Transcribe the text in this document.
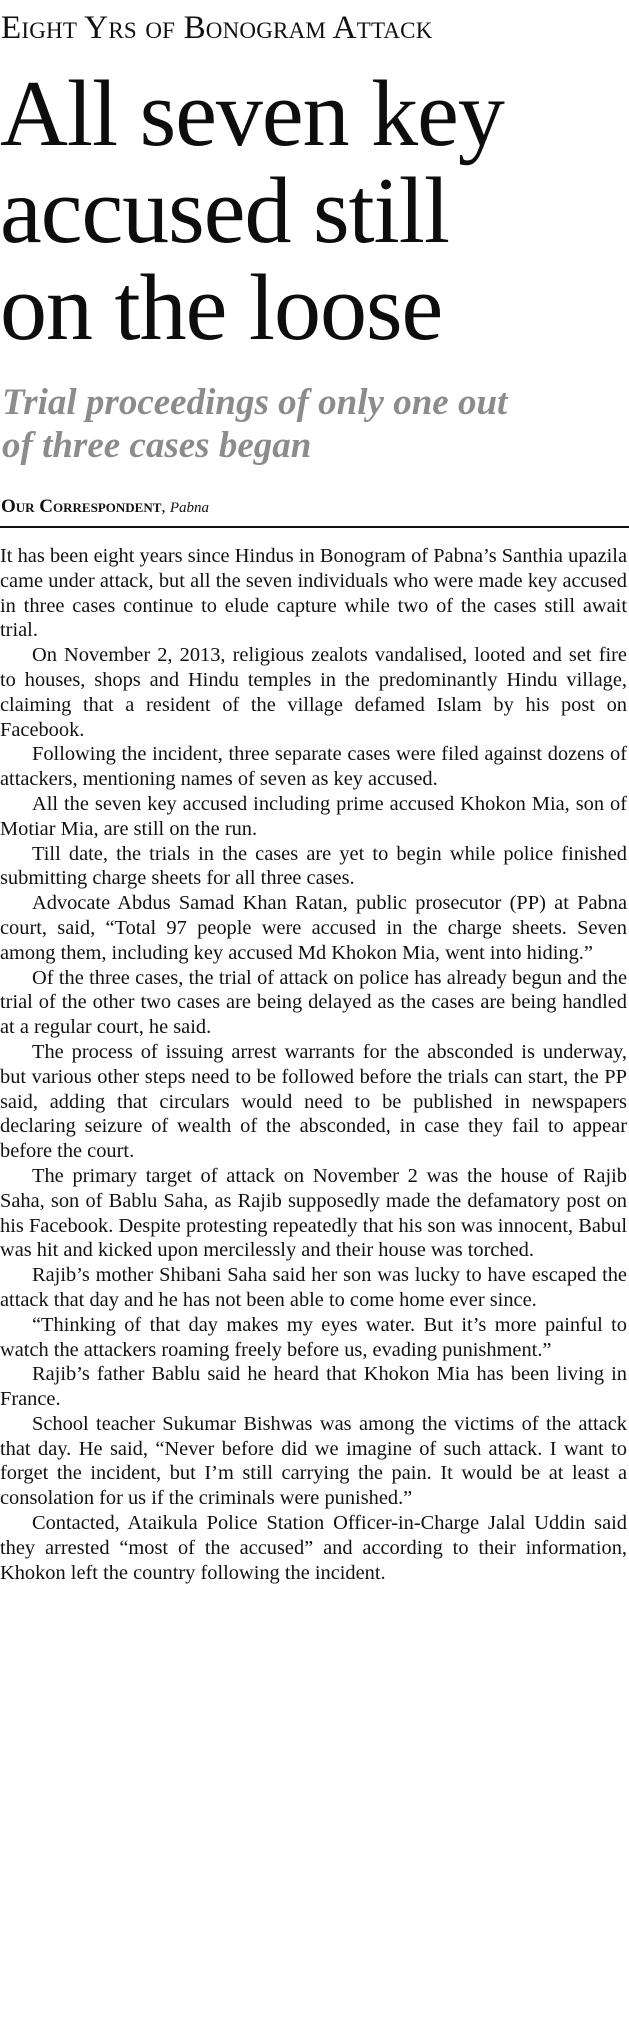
Eight Yrs of Bonogram Attack
All seven key
accused still
on the loose
Trial proceedings of only one out
of three cases began
Our Correspondent, Pabna

It has been eight years since Hindus in Bonogram of Pabna’s Santhia upazila came under attack, but all the seven individuals who were made key accused in three cases continue to elude capture while two of the cases still await trial.

On November 2, 2013, religious zealots vandalised, looted and set fire to houses, shops and Hindu temples in the predominantly Hindu village, claiming that a resident of the village defamed Islam by his post on Facebook.

Following the incident, three separate cases were filed against dozens of attackers, mentioning names of seven as key accused.

All the seven key accused including prime accused Khokon Mia, son of Motiar Mia, are still on the run.

Till date, the trials in the cases are yet to begin while police finished submitting charge sheets for all three cases.

Advocate Abdus Samad Khan Ratan, public prosecutor (PP) at Pabna court, said, “Total 97 people were accused in the charge sheets. Seven among them, including key accused Md Khokon Mia, went into hiding.”

Of the three cases, the trial of attack on police has already begun and the trial of the other two cases are being delayed as the cases are being handled at a regular court, he said.

The process of issuing arrest warrants for the absconded is underway, but various other steps need to be followed before the trials can start, the PP said, adding that circulars would need to be published in newspapers declaring seizure of wealth of the absconded, in case they fail to appear before the court.

The primary target of attack on November 2 was the house of Rajib Saha, son of Bablu Saha, as Rajib supposedly made the defamatory post on his Facebook. Despite protesting repeatedly that his son was innocent, Babul was hit and kicked upon mercilessly and their house was torched.

Rajib’s mother Shibani Saha said her son was lucky to have escaped the attack that day and he has not been able to come home ever since.

“Thinking of that day makes my eyes water. But it’s more painful to watch the attackers roaming freely before us, evading punishment.”

Rajib’s father Bablu said he heard that Khokon Mia has been living in France.

School teacher Sukumar Bishwas was among the victims of the attack that day. He said, “Never before did we imagine of such attack. I want to forget the incident, but I’m still carrying the pain. It would be at least a consolation for us if the criminals were punished.”

Contacted, Ataikula Police Station Officer-in-Charge Jalal Uddin said they arrested “most of the accused” and according to their information, Khokon left the country following the incident.
